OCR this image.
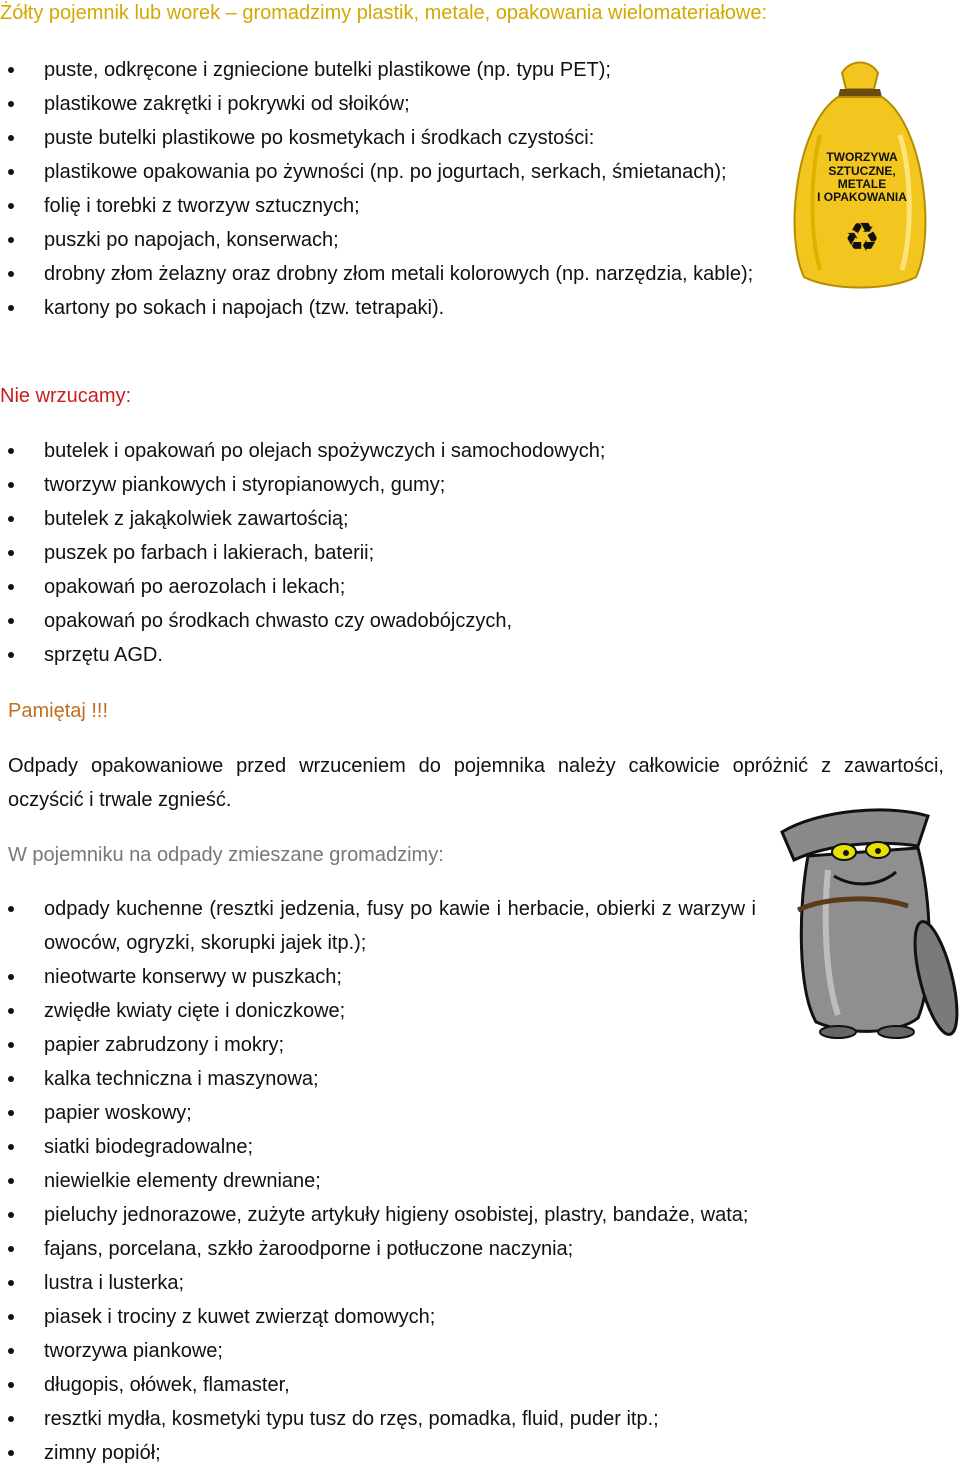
Żółty pojemnik lub worek – gromadzimy plastik, metale, opakowania wielomateriałowe:
puste, odkręcone i zgniecione butelki plastikowe (np. typu PET);
plastikowe zakrętki i pokrywki od słoików;
puste butelki plastikowe po kosmetykach i środkach czystości:
plastikowe opakowania po żywności (np. po jogurtach, serkach, śmietanach);
folię i torebki z tworzyw sztucznych;
puszki po napojach, konserwach;
drobny złom żelazny oraz drobny złom metali kolorowych (np. narzędzia, kable);
kartony po sokach i napojach (tzw. tetrapaki).
TWORZYWA
SZTUCZNE,
METALE
I OPAKOWANIA
♻
Nie wrzucamy:
butelek i opakowań po olejach spożywczych i samochodowych;
tworzyw piankowych i styropianowych, gumy;
butelek z jakąkolwiek zawartością;
puszek po farbach i lakierach, baterii;
opakowań po aerozolach i lekach;
opakowań po środkach chwasto czy owadobójczych,
sprzętu AGD.
Pamiętaj !!!
Odpady opakowaniowe przed wrzuceniem do pojemnika należy całkowicie opróżnić z zawartości, oczyścić i trwale zgnieść.
W pojemniku na odpady zmieszane gromadzimy:
odpady kuchenne (resztki jedzenia, fusy po kawie i herbacie, obierki z warzyw i owoców, ogryzki, skorupki jajek itp.);
nieotwarte konserwy w puszkach;
zwiędłe kwiaty cięte i doniczkowe;
papier zabrudzony i mokry;
kalka techniczna i maszynowa;
papier woskowy;
siatki biodegradowalne;
niewielkie elementy drewniane;
pieluchy jednorazowe, zużyte artykuły higieny osobistej, plastry, bandaże, wata;
fajans, porcelana, szkło żaroodporne i potłuczone naczynia;
lustra i lusterka;
piasek i trociny z kuwet zwierząt domowych;
tworzywa piankowe;
długopis, ołówek, flamaster,
resztki mydła, kosmetyki typu tusz do rzęs, pomadka, fluid, puder itp.;
zimny popiół;
